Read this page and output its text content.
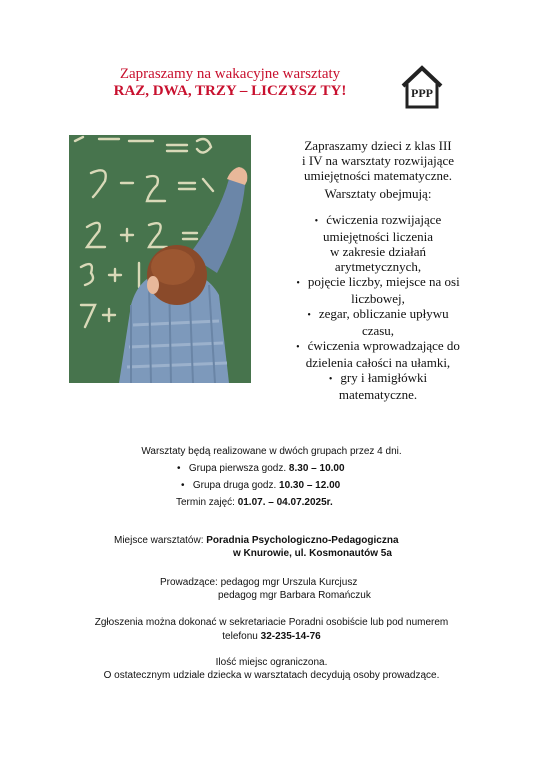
Zapraszamy na wakacyjne warsztaty
RAZ, DWA, TRZY – LICZYSZ TY!	PPP
Zapraszamy dzieci z klas III
i IV na warsztaty rozwijające
umiejętności matematyczne.
Warsztaty obejmują:
• ćwiczenia rozwijające
umiejętności liczenia
w zakresie działań
arytmetycznych,
• pojęcie liczby, miejsce na osi
liczbowej,
• zegar, obliczanie upływu
czasu,
• ćwiczenia wprowadzające do
dzielenia całości na ułamki,
• gry i łamigłówki
matematyczne.
Warsztaty będą realizowane w dwóch grupach przez 4 dni.
• Grupa pierwsza godz. 8.30 – 10.00
• Grupa druga godz. 10.30 – 12.00
Termin zajęć: 01.07. – 04.07.2025r.
Miejsce warsztatów: Poradnia Psychologiczno-Pedagogiczna
w Knurowie, ul. Kosmonautów 5a
Prowadzące: pedagog mgr Urszula Kurcjusz
pedagog mgr Barbara Romańczuk
Zgłoszenia można dokonać w sekretariacie Poradni osobiście lub pod numerem
telefonu 32-235-14-76
Ilość miejsc ograniczona.
O ostatecznym udziale dziecka w warsztatach decydują osoby prowadzące.
